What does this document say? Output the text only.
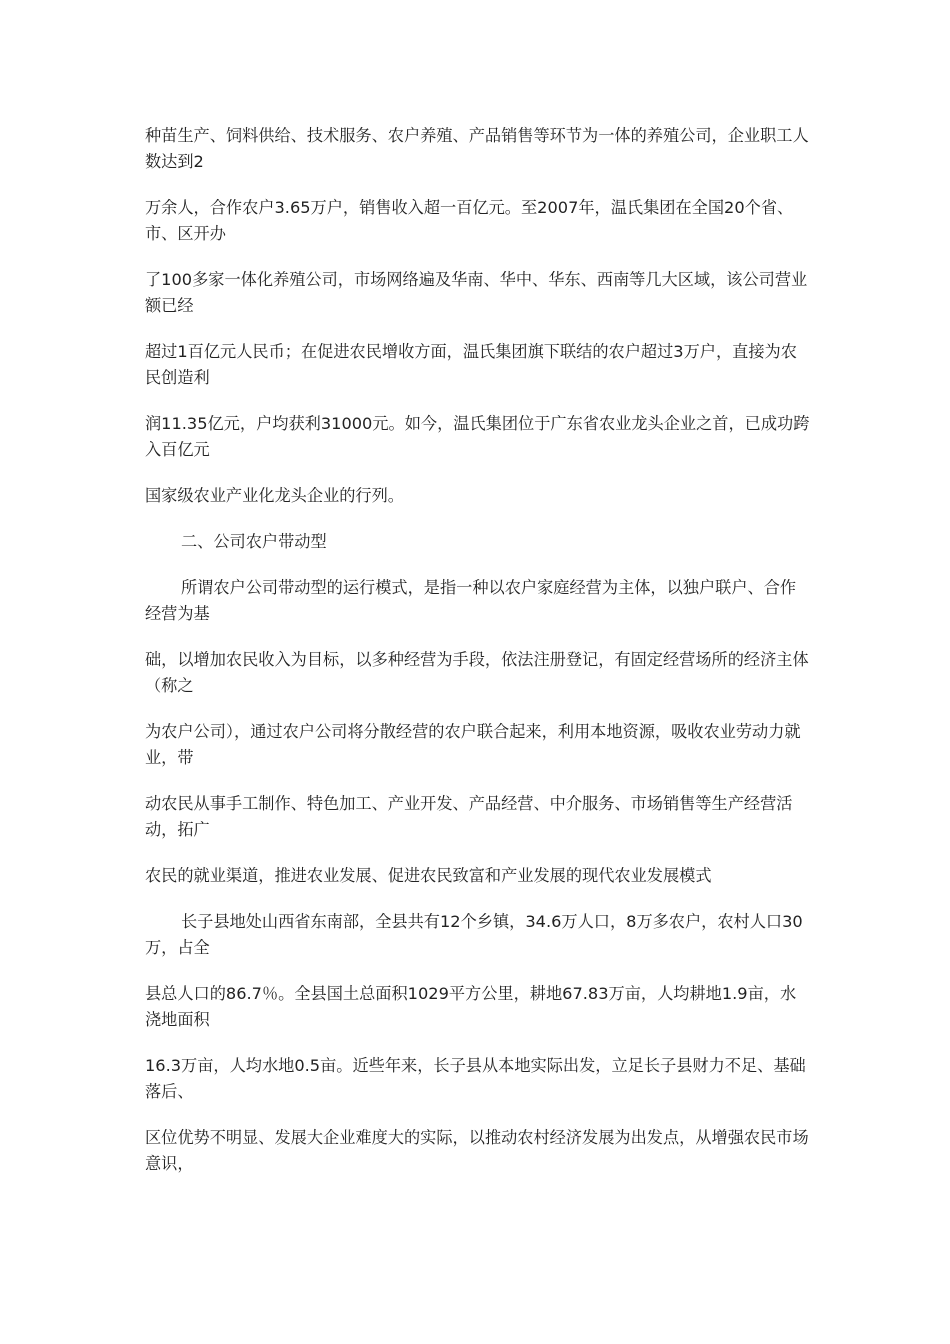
种苗生产、饲料供给、技术服务、农户养殖、产品销售等环节为一体的养殖公司，企业职工人数达到2

万余人，合作农户3.65万户，销售收入超一百亿元。至2007年，温氏集团在全国20个省、市、区开办

了100多家一体化养殖公司，市场网络遍及华南、华中、华东、西南等几大区域，该公司营业额已经

超过1百亿元人民币；在促进农民增收方面，温氏集团旗下联结的农户超过3万户，直接为农民创造利

润11.35亿元，户均获利31000元。如今，温氏集团位于广东省农业龙头企业之首，已成功跨入百亿元

国家级农业产业化龙头企业的行列。

二、公司农户带动型

所谓农户公司带动型的运行模式，是指一种以农户家庭经营为主体，以独户联户、合作经营为基

础，以增加农民收入为目标，以多种经营为手段，依法注册登记，有固定经营场所的经济主体（称之

为农户公司），通过农户公司将分散经营的农户联合起来，利用本地资源，吸收农业劳动力就业，带

动农民从事手工制作、特色加工、产业开发、产品经营、中介服务、市场销售等生产经营活动，拓广

农民的就业渠道，推进农业发展、促进农民致富和产业发展的现代农业发展模式

长子县地处山西省东南部，全县共有12个乡镇，34.6万人口，8万多农户，农村人口30万，占全

县总人口的86.7％。全县国土总面积1029平方公里，耕地67.83万亩，人均耕地1.9亩，水浇地面积

16.3万亩，人均水地0.5亩。近些年来，长子县从本地实际出发，立足长子县财力不足、基础落后、

区位优势不明显、发展大企业难度大的实际，以推动农村经济发展为出发点，从增强农民市场意识，
